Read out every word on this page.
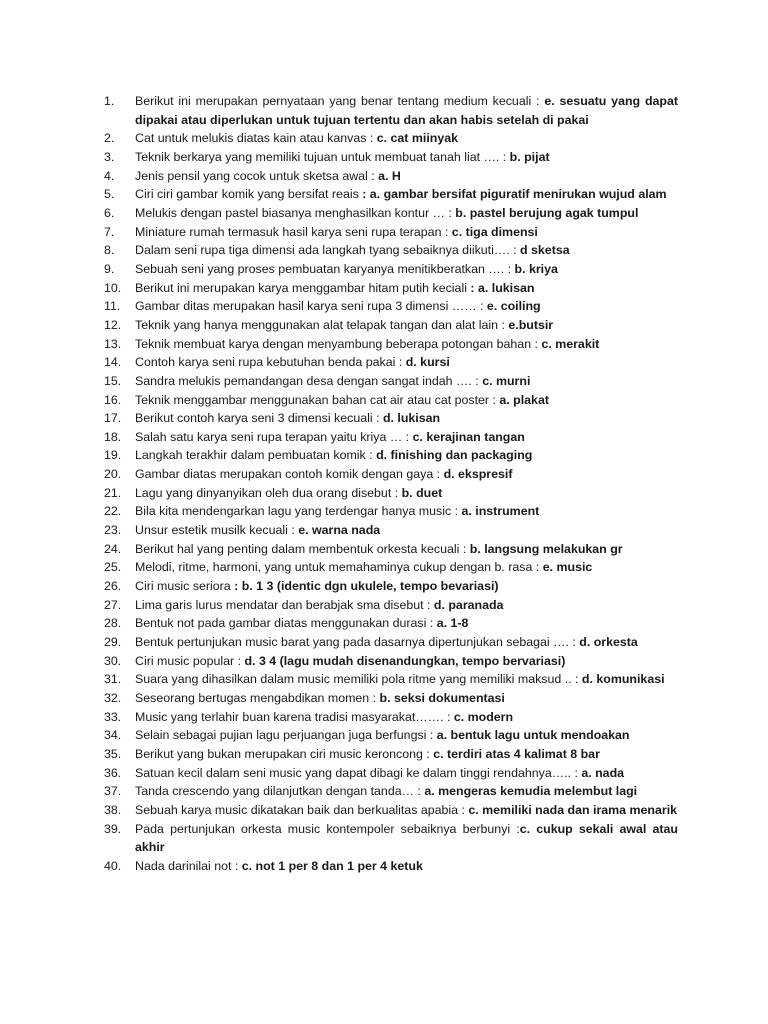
1.	Berikut ini merupakan pernyataan yang benar tentang medium kecuali : e. sesuatu yang dapat dipakai atau diperlukan untuk tujuan tertentu dan akan habis setelah di pakai
2.	Cat untuk melukis diatas kain atau kanvas : c. cat miinyak
3.	Teknik berkarya yang memiliki tujuan untuk membuat tanah liat …. : b. pijat
4.	Jenis pensil yang cocok untuk sketsa awal : a. H
5.	Ciri ciri gambar komik yang bersifat reais : a. gambar bersifat piguratif menirukan wujud alam
6.	Melukis dengan pastel biasanya menghasilkan kontur … : b. pastel berujung agak tumpul
7.	Miniature rumah termasuk hasil karya seni rupa terapan : c. tiga dimensi
8.	Dalam seni rupa tiga dimensi ada langkah tyang sebaiknya diikuti…. : d sketsa
9.	Sebuah seni yang proses pembuatan karyanya menitikberatkan …. : b. kriya
10.	Berikut ini merupakan karya menggambar hitam putih keciali : a. lukisan
11.	Gambar ditas merupakan hasil karya seni rupa 3 dimensi …… : e. coiling
12.	Teknik yang hanya menggunakan alat telapak tangan dan alat lain : e.butsir
13.	Teknik membuat karya dengan menyambung beberapa potongan bahan : c. merakit
14.	Contoh karya seni rupa kebutuhan benda pakai : d. kursi
15.	Sandra melukis pemandangan desa dengan sangat indah …. : c. murni
16.	Teknik menggambar menggunakan bahan cat air atau cat poster : a. plakat
17.	Berikut contoh karya seni 3 dimensi kecuali : d. lukisan
18.	Salah satu karya seni rupa terapan yaitu kriya … : c. kerajinan tangan
19.	Langkah terakhir dalam pembuatan komik : d. finishing dan packaging
20.	Gambar diatas merupakan contoh komik dengan gaya : d. ekspresif
21.	Lagu yang dinyanyikan oleh dua orang disebut : b. duet
22.	Bila kita mendengarkan lagu yang terdengar hanya music : a. instrument
23.	Unsur estetik musilk kecuali : e. warna nada
24.	Berikut hal yang penting dalam membentuk orkesta kecuali : b. langsung melakukan gr
25.	Melodi, ritme, harmoni, yang untuk memahaminya cukup dengan b. rasa : e. music
26.	Ciri music seriora : b. 1 3 (identic dgn ukulele, tempo bevariasi)
27.	Lima garis lurus mendatar dan berabjak sma disebut : d. paranada
28.	Bentuk not pada gambar diatas menggunakan durasi : a. 1-8
29.	Bentuk pertunjukan music barat yang pada dasarnya dipertunjukan sebagai …. : d. orkesta
30.	Ciri music popular : d. 3 4 (lagu mudah disenandungkan, tempo bervariasi)
31.	Suara yang dihasilkan dalam music memiliki pola ritme yang memiliki maksud .. : d. komunikasi
32.	Seseorang bertugas mengabdikan momen : b. seksi dokumentasi
33.	Music yang terlahir buan karena tradisi masyarakat……. : c. modern
34.	Selain sebagai pujian lagu perjuangan juga berfungsi : a. bentuk lagu untuk mendoakan
35.	Berikut yang bukan merupakan ciri music keroncong : c. terdiri atas 4 kalimat 8 bar
36.	Satuan kecil dalam seni music yang dapat dibagi ke dalam tinggi rendahnya….. : a. nada
37.	Tanda crescendo yang dilanjutkan dengan tanda… : a. mengeras kemudia melembut lagi
38.	Sebuah karya music dikatakan baik dan berkualitas apabia : c. memiliki nada dan irama menarik
39.	Pada pertunjukan orkesta music kontempoler sebaiknya berbunyi :c. cukup sekali awal atau akhir
40.	Nada darinilai not : c. not 1 per 8 dan 1 per 4 ketuk
